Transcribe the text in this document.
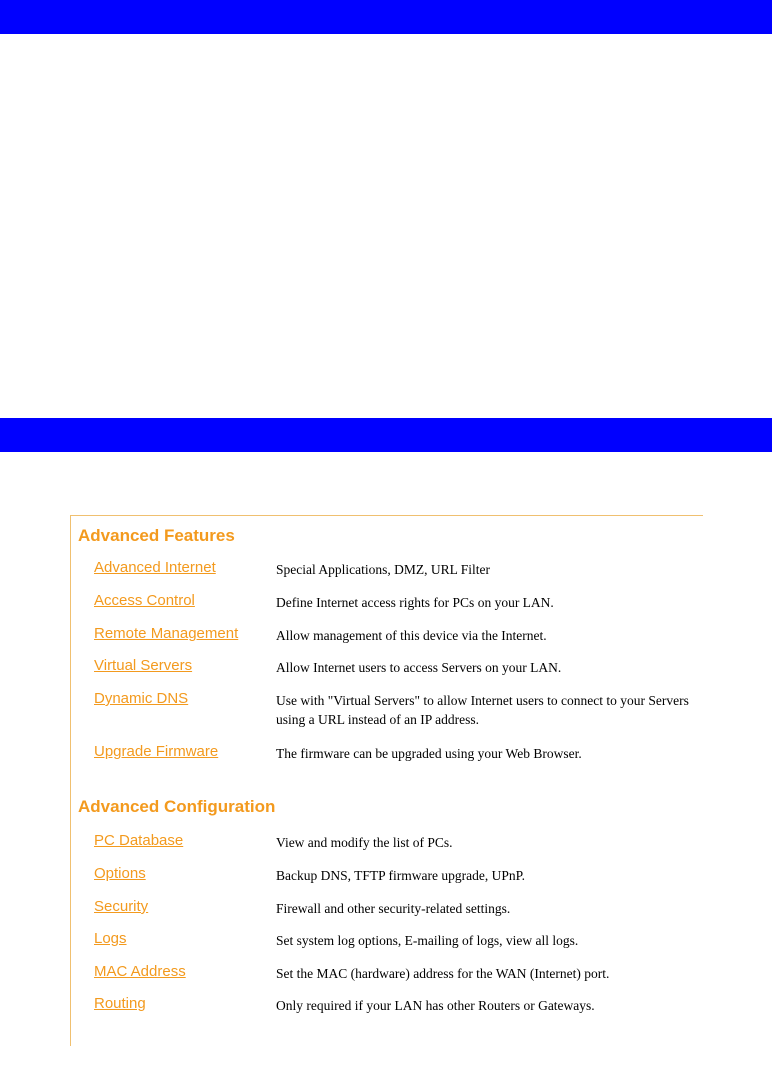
Advanced Features
Advanced Internet	Special Applications, DMZ, URL Filter
Access Control	Define Internet access rights for PCs on your LAN.
Remote Management	Allow management of this device via the Internet.
Virtual Servers	Allow Internet users to access Servers on your LAN.
Dynamic DNS	Use with "Virtual Servers" to allow Internet users to connect to your Servers using a URL instead of an IP address.
Upgrade Firmware	The firmware can be upgraded using your Web Browser.
Advanced Configuration
PC Database	View and modify the list of PCs.
Options	Backup DNS, TFTP firmware upgrade, UPnP.
Security	Firewall and other security-related settings.
Logs	Set system log options, E-mailing of logs, view all logs.
MAC Address	Set the MAC (hardware) address for the WAN (Internet) port.
Routing	Only required if your LAN has other Routers or Gateways.
